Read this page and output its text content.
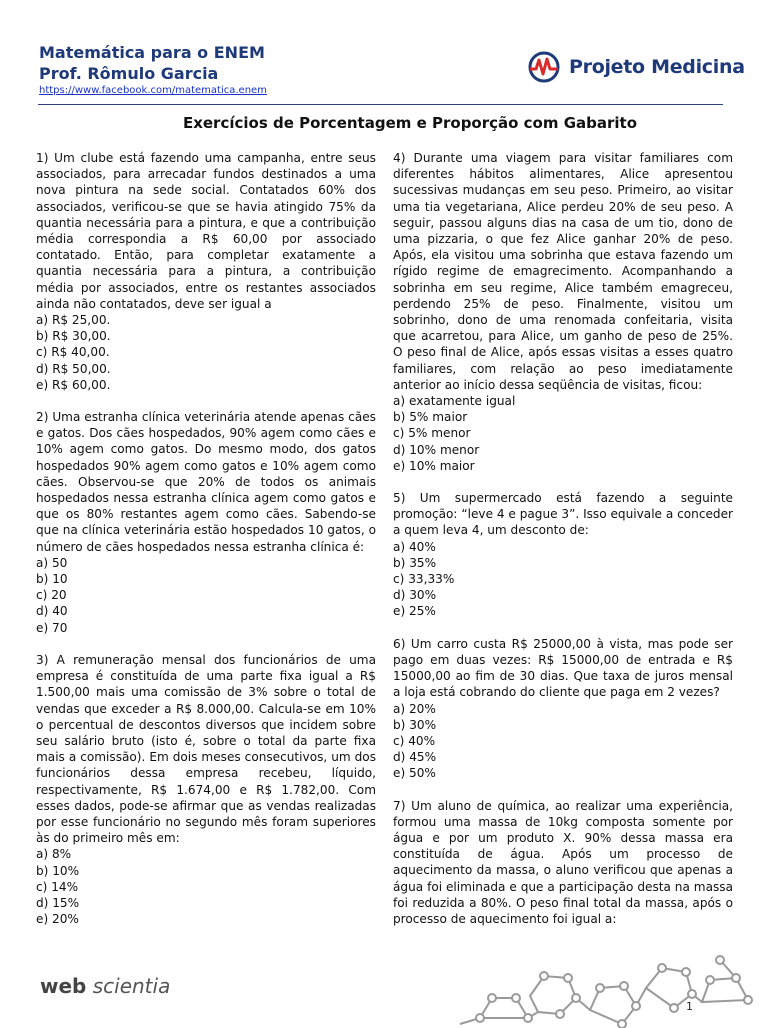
Matemática para o ENEM
Prof. Rômulo Garcia
https://www.facebook.com/matematica.enem
Projeto Medicina
Exercícios de Porcentagem e Proporção com Gabarito

1) Um clube está fazendo uma campanha, entre seus associados, para arrecadar fundos destinados a uma nova pintura na sede social. Contatados 60% dos associados, verificou-se que se havia atingido 75% da quantia necessária para a pintura, e que a contribuição média correspondia a R$ 60,00 por associado contatado. Então, para completar exatamente a quantia necessária para a pintura, a contribuição média por associados, entre os restantes associados ainda não contatados, deve ser igual a

a) R$ 25,00.
b) R$ 30,00.
c) R$ 40,00.
d) R$ 50,00.
e) R$ 60,00.

2) Uma estranha clínica veterinária atende apenas cães e gatos. Dos cães hospedados, 90% agem como cães e 10% agem como gatos. Do mesmo modo, dos gatos hospedados 90% agem como gatos e 10% agem como cães. Observou-se que 20% de todos os animais hospedados nessa estranha clínica agem como gatos e que os 80% restantes agem como cães. Sabendo-se que na clínica veterinária estão hospedados 10 gatos, o número de cães hospedados nessa estranha clínica é:

a) 50
b) 10
c) 20
d) 40
e) 70

3) A remuneração mensal dos funcionários de uma empresa é constituída de uma parte fixa igual a R$ 1.500,00 mais uma comissão de 3% sobre o total de vendas que exceder a R$ 8.000,00. Calcula-se em 10% o percentual de descontos diversos que incidem sobre seu salário bruto (isto é, sobre o total da parte fixa mais a comissão). Em dois meses consecutivos, um dos funcionários dessa empresa recebeu, líquido, respectivamente, R$ 1.674,00 e R$ 1.782,00. Com esses dados, pode-se afirmar que as vendas realizadas por esse funcionário no segundo mês foram superiores às do primeiro mês em:

a) 8%
b) 10%
c) 14%
d) 15%
e) 20%

4) Durante uma viagem para visitar familiares com diferentes hábitos alimentares, Alice apresentou sucessivas mudanças em seu peso. Primeiro, ao visitar uma tia vegetariana, Alice perdeu 20% de seu peso. A seguir, passou alguns dias na casa de um tio, dono de uma pizzaria, o que fez Alice ganhar 20% de peso. Após, ela visitou uma sobrinha que estava fazendo um rígido regime de emagrecimento. Acompanhando a sobrinha em seu regime, Alice também emagreceu, perdendo 25% de peso. Finalmente, visitou um sobrinho, dono de uma renomada confeitaria, visita que acarretou, para Alice, um ganho de peso de 25%. O peso final de Alice, após essas visitas a esses quatro familiares, com relação ao peso imediatamente anterior ao início dessa seqüência de visitas, ficou:

a) exatamente igual
b) 5% maior
c) 5% menor
d) 10% menor
e) 10% maior

5) Um supermercado está fazendo a seguinte promoção: “leve 4 e pague 3”. Isso equivale a conceder a quem leva 4, um desconto de:

a) 40%
b) 35%
c) 33,33%
d) 30%
e) 25%

6) Um carro custa R$ 25000,00 à vista, mas pode ser pago em duas vezes: R$ 15000,00 de entrada e R$ 15000,00 ao fim de 30 dias. Que taxa de juros mensal a loja está cobrando do cliente que paga em 2 vezes?

a) 20%
b) 30%
c) 40%
d) 45%
e) 50%

7) Um aluno de química, ao realizar uma experiência, formou uma massa de 10kg composta somente por água e por um produto X. 90% dessa massa era constituída de água. Após um processo de aquecimento da massa, o aluno verificou que apenas a água foi eliminada e que a participação desta na massa foi reduzida a 80%. O peso final total da massa, após o processo de aquecimento foi igual a:

web scientia
1
